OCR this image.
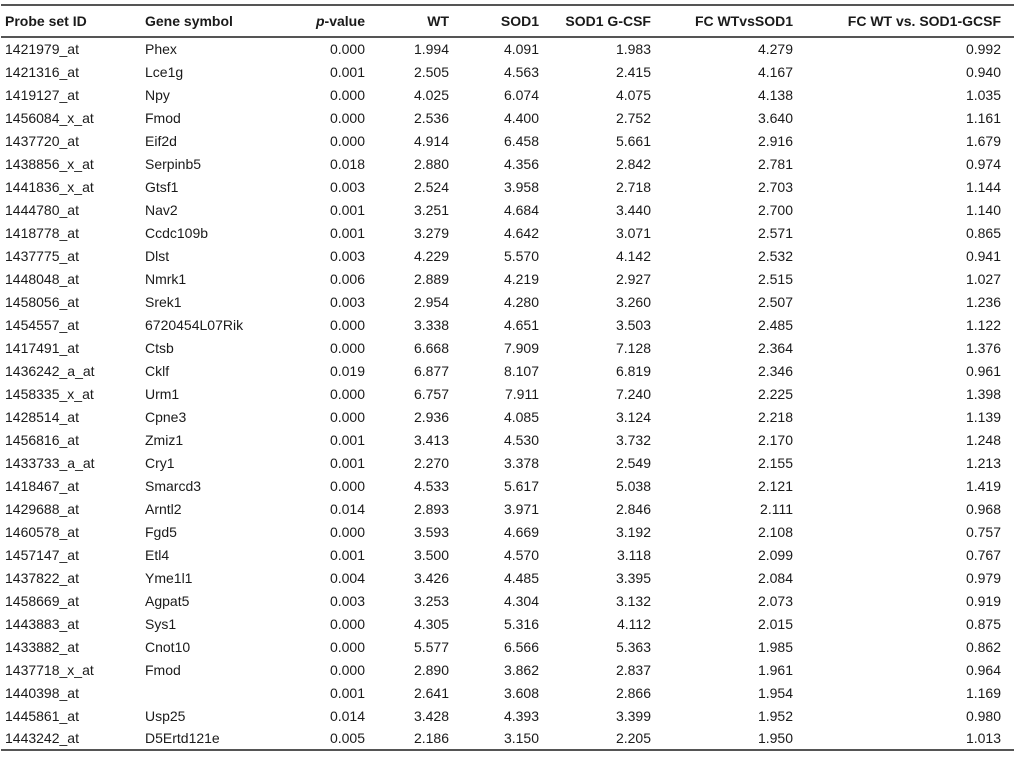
Probe set ID	Gene symbol	p-value	WT	SOD1	SOD1 G-CSF	FC WTvsSOD1	FC WT vs. SOD1-GCSF
1421979_at	Phex	0.000	1.994	4.091	1.983	4.279	0.992
1421316_at	Lce1g	0.001	2.505	4.563	2.415	4.167	0.940
1419127_at	Npy	0.000	4.025	6.074	4.075	4.138	1.035
1456084_x_at	Fmod	0.000	2.536	4.400	2.752	3.640	1.161
1437720_at	Eif2d	0.000	4.914	6.458	5.661	2.916	1.679
1438856_x_at	Serpinb5	0.018	2.880	4.356	2.842	2.781	0.974
1441836_x_at	Gtsf1	0.003	2.524	3.958	2.718	2.703	1.144
1444780_at	Nav2	0.001	3.251	4.684	3.440	2.700	1.140
1418778_at	Ccdc109b	0.001	3.279	4.642	3.071	2.571	0.865
1437775_at	Dlst	0.003	4.229	5.570	4.142	2.532	0.941
1448048_at	Nmrk1	0.006	2.889	4.219	2.927	2.515	1.027
1458056_at	Srek1	0.003	2.954	4.280	3.260	2.507	1.236
1454557_at	6720454L07Rik	0.000	3.338	4.651	3.503	2.485	1.122
1417491_at	Ctsb	0.000	6.668	7.909	7.128	2.364	1.376
1436242_a_at	Cklf	0.019	6.877	8.107	6.819	2.346	0.961
1458335_x_at	Urm1	0.000	6.757	7.911	7.240	2.225	1.398
1428514_at	Cpne3	0.000	2.936	4.085	3.124	2.218	1.139
1456816_at	Zmiz1	0.001	3.413	4.530	3.732	2.170	1.248
1433733_a_at	Cry1	0.001	2.270	3.378	2.549	2.155	1.213
1418467_at	Smarcd3	0.000	4.533	5.617	5.038	2.121	1.419
1429688_at	Arntl2	0.014	2.893	3.971	2.846	2.111	0.968
1460578_at	Fgd5	0.000	3.593	4.669	3.192	2.108	0.757
1457147_at	Etl4	0.001	3.500	4.570	3.118	2.099	0.767
1437822_at	Yme1l1	0.004	3.426	4.485	3.395	2.084	0.979
1458669_at	Agpat5	0.003	3.253	4.304	3.132	2.073	0.919
1443883_at	Sys1	0.000	4.305	5.316	4.112	2.015	0.875
1433882_at	Cnot10	0.000	5.577	6.566	5.363	1.985	0.862
1437718_x_at	Fmod	0.000	2.890	3.862	2.837	1.961	0.964
1440398_at		0.001	2.641	3.608	2.866	1.954	1.169
1445861_at	Usp25	0.014	3.428	4.393	3.399	1.952	0.980
1443242_at	D5Ertd121e	0.005	2.186	3.150	2.205	1.950	1.013
